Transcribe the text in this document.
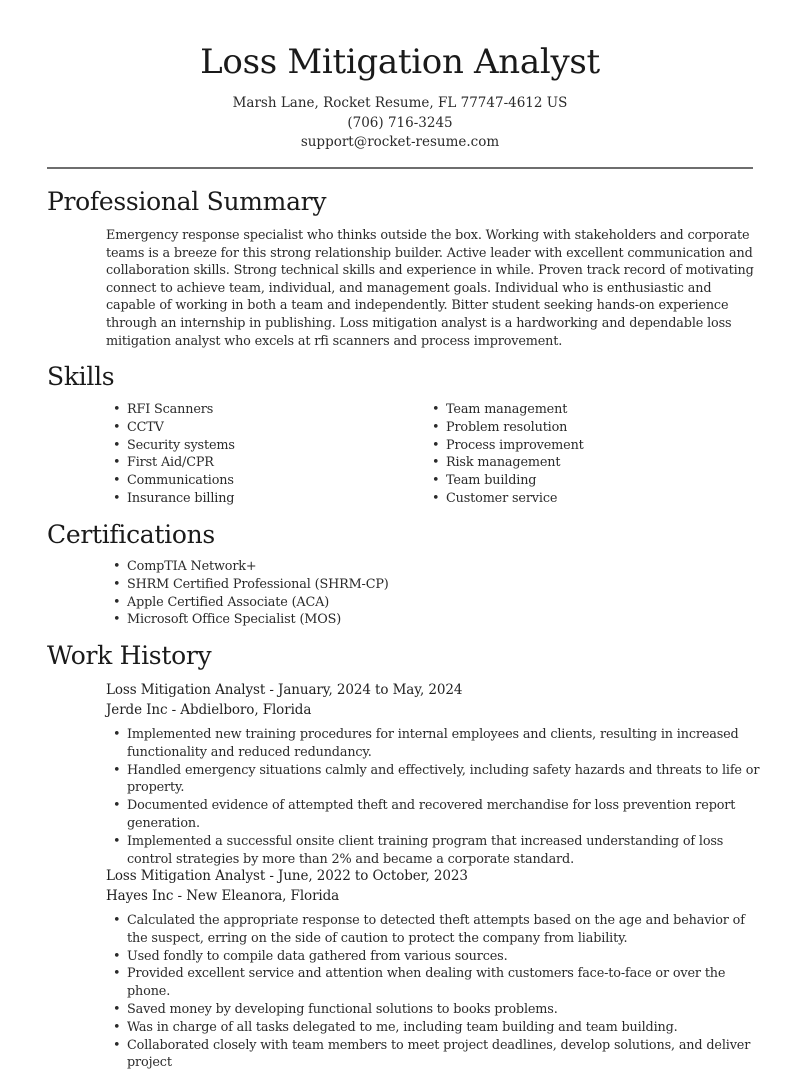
Loss Mitigation Analyst
Marsh Lane, Rocket Resume, FL 77747-4612 US
(706) 716-3245
support@rocket-resume.com
Professional Summary

Emergency response specialist who thinks outside the box. Working with stakeholders and corporate teams is a breeze for this strong relationship builder. Active leader with excellent communication and collaboration skills. Strong technical skills and experience in while. Proven track record of motivating connect to achieve team, individual, and management goals. Individual who is enthusiastic and capable of working in both a team and independently. Bitter student seeking hands-on experience through an internship in publishing. Loss mitigation analyst is a hardworking and dependable loss mitigation analyst who excels at rfi scanners and process improvement.

Skills
• RFI Scanners
• CCTV
• Security systems
• First Aid/CPR
• Communications
• Insurance billing
• Team management
• Problem resolution
• Process improvement
• Risk management
• Team building
• Customer service
Certifications
• CompTIA Network+
• SHRM Certified Professional (SHRM-CP)
• Apple Certified Associate (ACA)
• Microsoft Office Specialist (MOS)
Work History
Loss Mitigation Analyst - January, 2024 to May, 2024
Jerde Inc - Abdielboro, Florida
• Implemented new training procedures for internal employees and clients, resulting in increased functionality and reduced redundancy.
• Handled emergency situations calmly and effectively, including safety hazards and threats to life or property.
• Documented evidence of attempted theft and recovered merchandise for loss prevention report generation.
• Implemented a successful onsite client training program that increased understanding of loss control strategies by more than 2% and became a corporate standard.
Loss Mitigation Analyst - June, 2022 to October, 2023
Hayes Inc - New Eleanora, Florida
• Calculated the appropriate response to detected theft attempts based on the age and behavior of the suspect, erring on the side of caution to protect the company from liability.
• Used fondly to compile data gathered from various sources.
• Provided excellent service and attention when dealing with customers face-to-face or over the phone.
• Saved money by developing functional solutions to books problems.
• Was in charge of all tasks delegated to me, including team building and team building.
• Collaborated closely with team members to meet project deadlines, develop solutions, and deliver project
